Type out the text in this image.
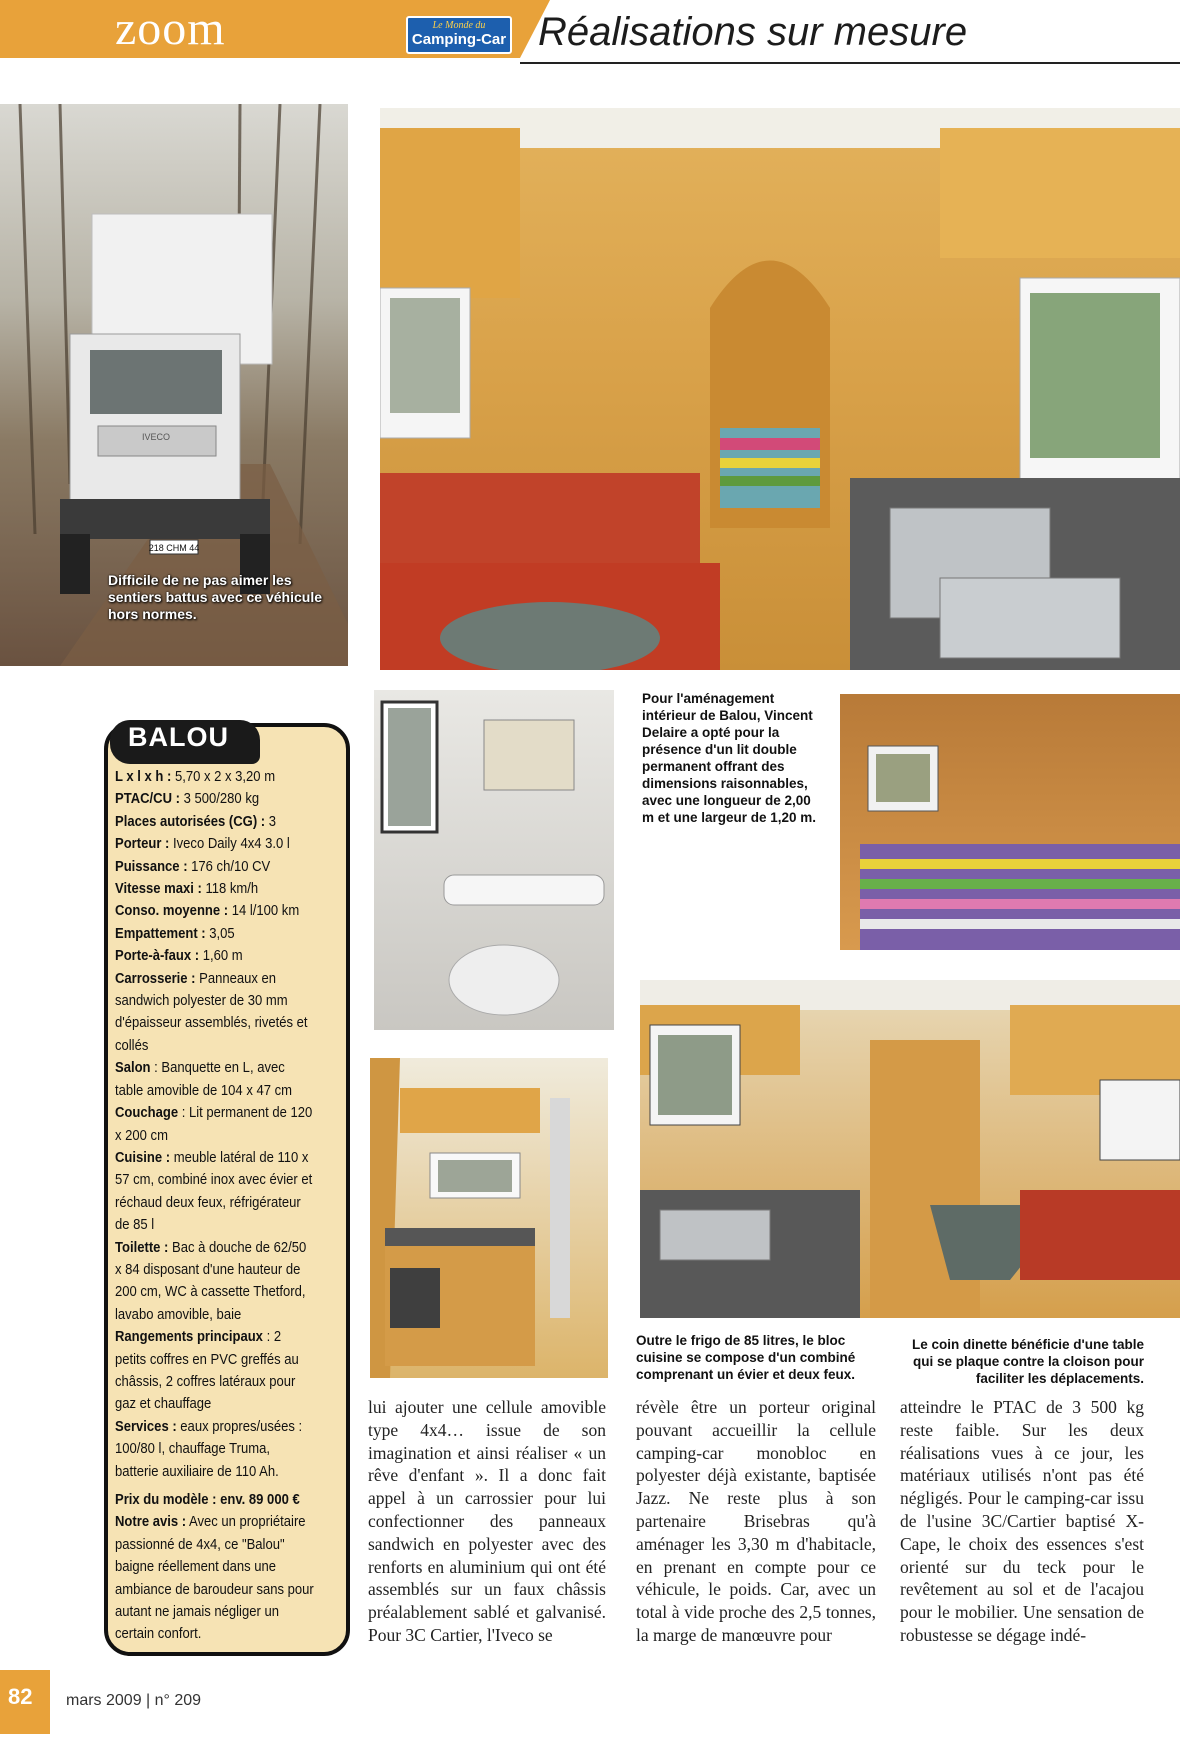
zoom	Le Monde du
Camping-Car Réalisations sur mesure
218 CHM 44
IVECO
Difficile de ne pas aimer les sentiers battus avec ce véhicule hors normes.
Pour l'aménagement intérieur de Balou, Vincent Delaire a opté pour la présence d'un lit double permanent offrant des dimensions raisonnables, avec une longueur de 2,00 m et une largeur de 1,20 m.
Outre le frigo de 85 litres, le bloc cuisine se compose d'un combiné comprenant un évier et deux feux.
Le coin dinette bénéficie d'une table qui se plaque contre la cloison pour faciliter les déplacements.
BALOU
L x l x h : 5,70 x 2 x 3,20 m
PTAC/CU : 3 500/280 kg
Places autorisées (CG) : 3
Porteur : Iveco Daily 4x4 3.0 l
Puissance : 176 ch/10 CV
Vitesse maxi : 118 km/h
Conso. moyenne : 14 l/100 km
Empattement : 3,05
Porte-à-faux : 1,60 m
Carrosserie : Panneaux en sandwich polyester de 30 mm d'épaisseur assemblés, rivetés et collés
Salon : Banquette en L, avec table amovible de 104 x 47 cm
Couchage : Lit permanent de 120 x 200 cm
Cuisine : meuble latéral de 110 x 57 cm, combiné inox avec évier et réchaud deux feux, réfrigérateur de 85 l
Toilette : Bac à douche de 62/50 x 84 disposant d'une hauteur de 200 cm, WC à cassette Thetford, lavabo amovible, baie
Rangements principaux : 2 petits coffres en PVC greffés au châssis, 2 coffres latéraux pour gaz et chauffage
Services : eaux propres/usées : 100/80 l, chauffage Truma, batterie auxiliaire de 110 Ah.
Prix du modèle : env. 89 000 €
Notre avis : Avec un propriétaire passionné de 4x4, ce "Balou" baigne réellement dans une ambiance de baroudeur sans pour autant ne jamais négliger un certain confort.
lui ajouter une cellule amovible type 4x4… issue de son imagination et ainsi réaliser « un rêve d'enfant ». Il a donc fait appel à un carrossier pour lui confectionner des panneaux sandwich en polyester avec des renforts en aluminium qui ont été assemblés sur un faux châssis préalablement sablé et galvanisé. Pour 3C Cartier, l'Iveco se
révèle être un porteur original pouvant accueillir la cellule camping-car monobloc en polyester déjà existante, baptisée Jazz. Ne reste plus à son partenaire Brisebras qu'à aménager les 3,30 m d'habitacle, en prenant en compte pour ce véhicule, le poids. Car, avec un total à vide proche des 2,5 tonnes, la marge de manœuvre pour
atteindre le PTAC de 3 500 kg reste faible. Sur les deux réalisations vues à ce jour, les matériaux utilisés n'ont pas été négligés. Pour le camping-car issu de l'usine 3C/Cartier baptisé X-Cape, le choix des essences s'est orienté sur du teck pour le revêtement au sol et de l'acajou pour le mobilier. Une sensation de robustesse se dégage indé-
82 mars 2009 | n° 209
